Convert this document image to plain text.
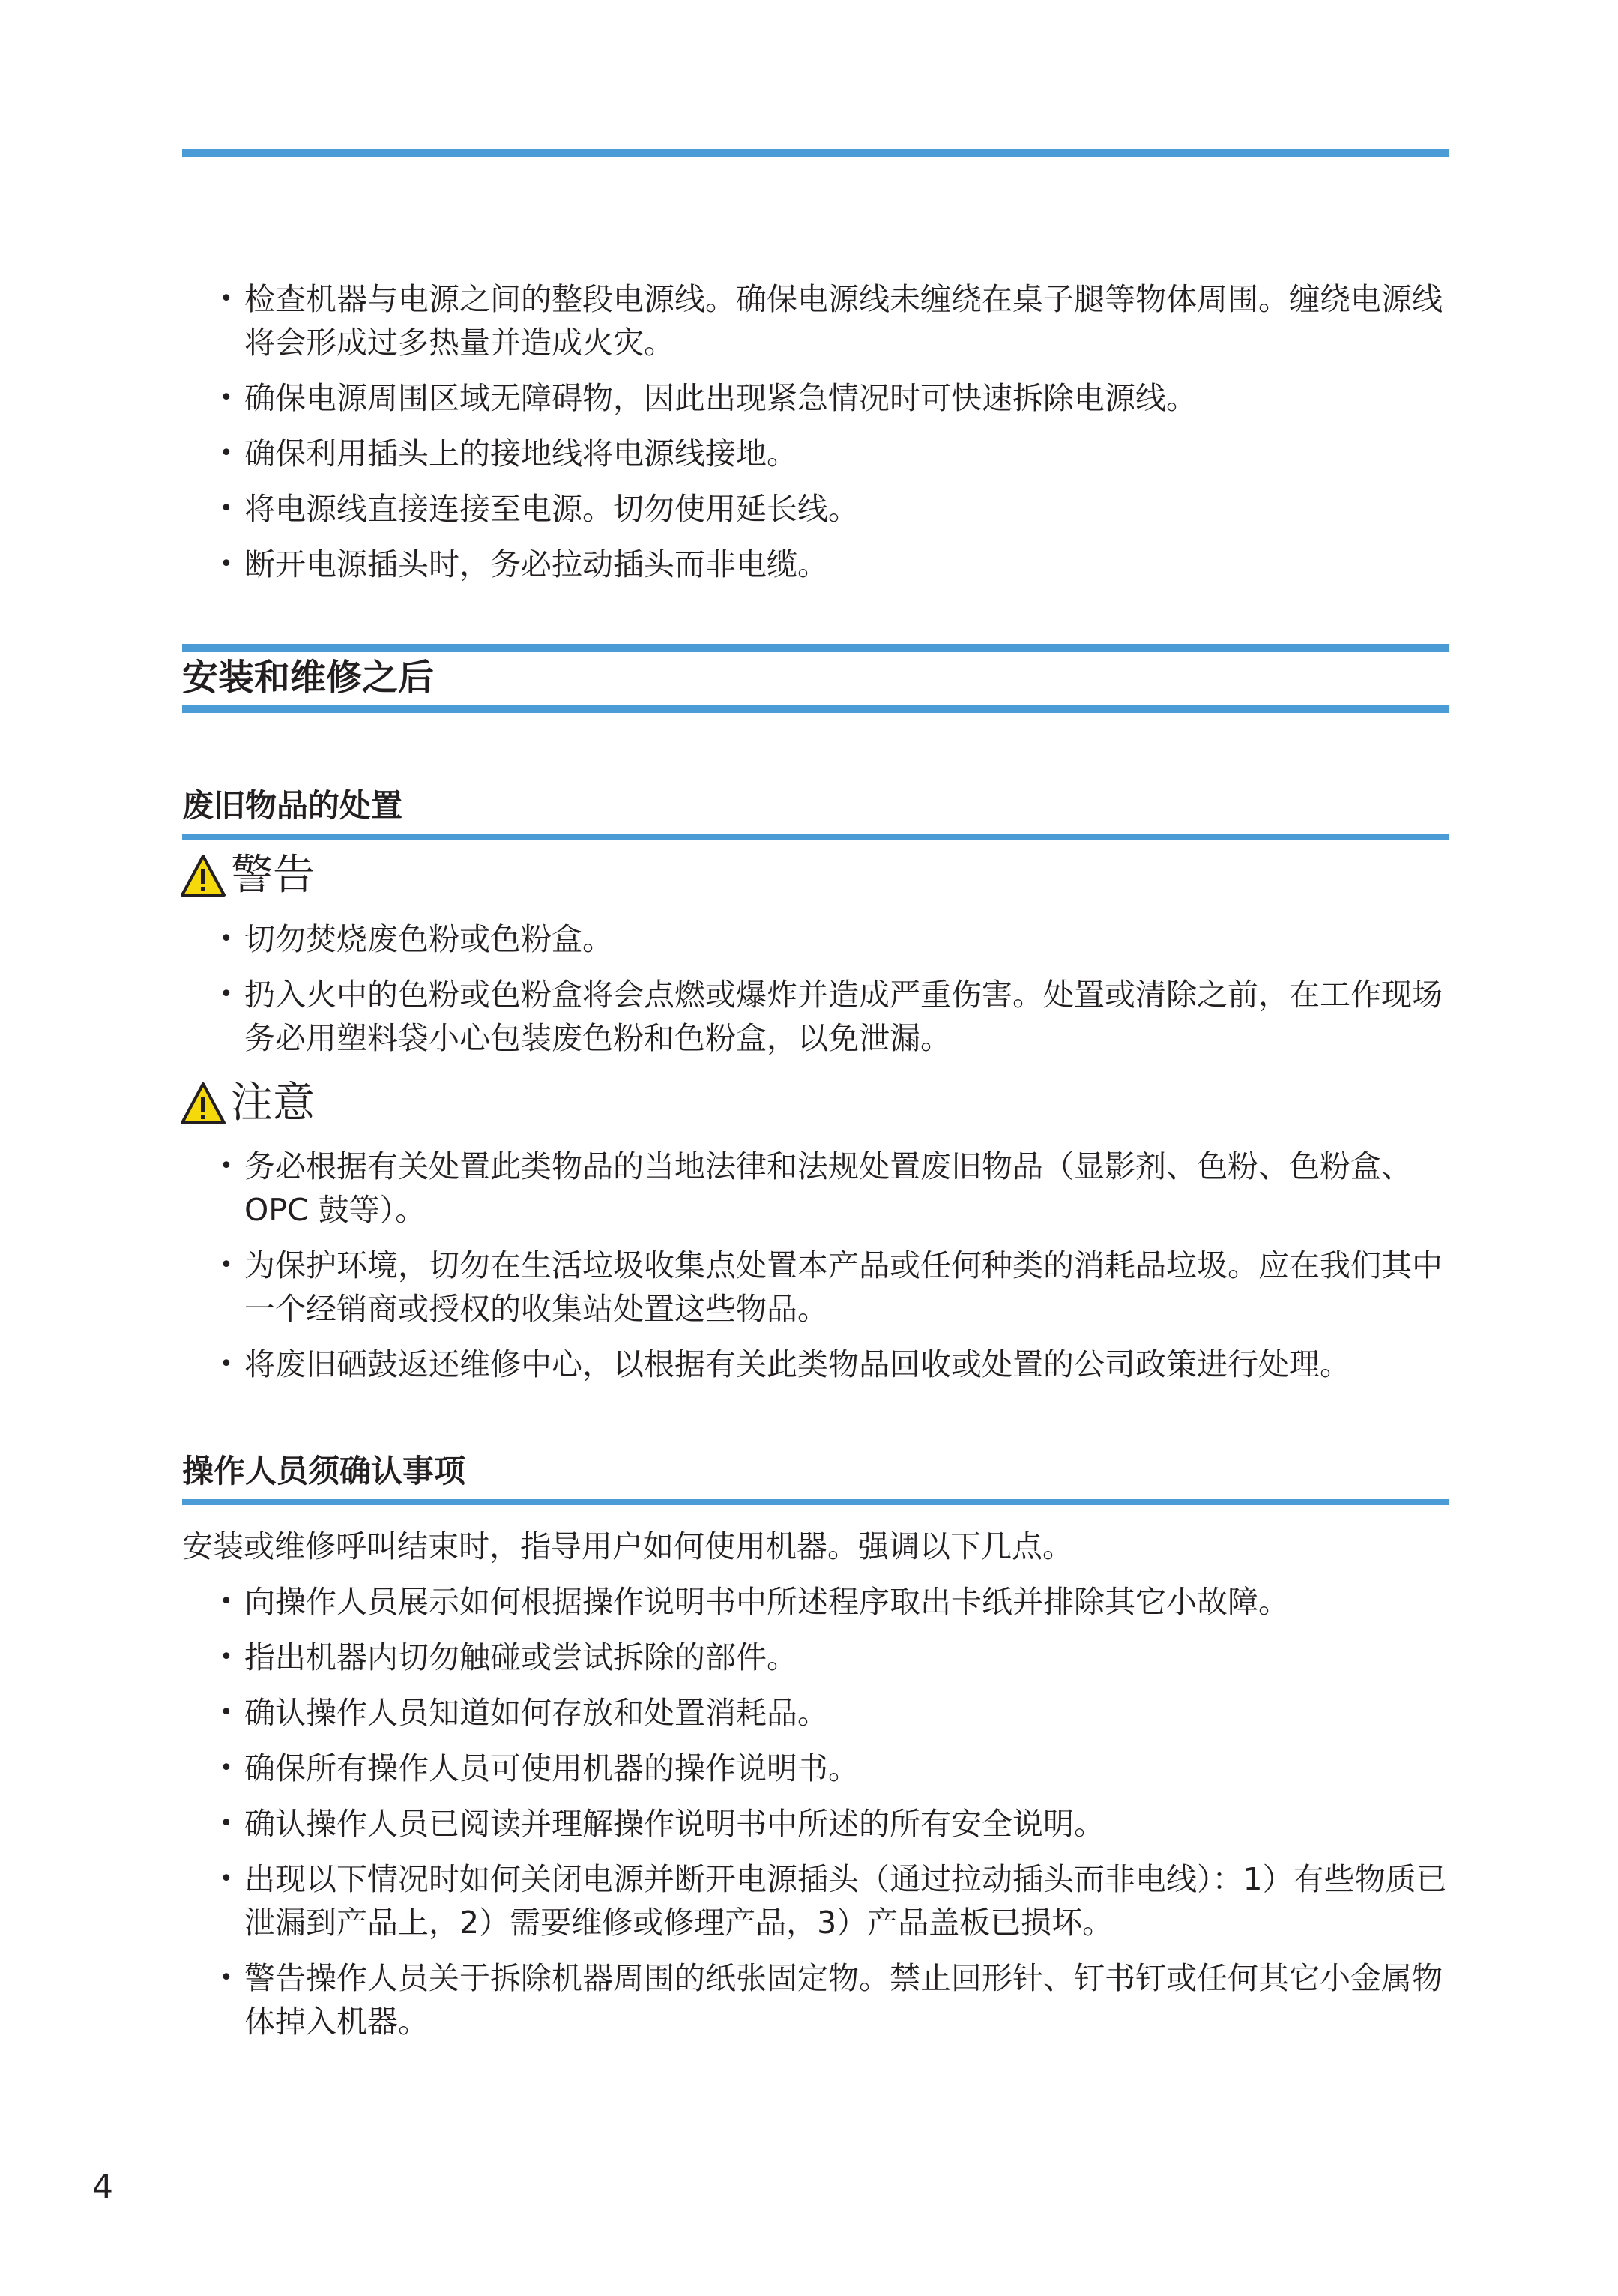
• 检查机器与电源之间的整段电源线。确保电源线未缠绕在桌子腿等物体周围。缠绕电源线将会形成过多热量并造成火灾。
• 确保电源周围区域无障碍物，因此出现紧急情况时可快速拆除电源线。
• 确保利用插头上的接地线将电源线接地。
• 将电源线直接连接至电源。切勿使用延长线。
• 断开电源插头时，务必拉动插头而非电缆。
安装和维修之后
废旧物品的处置
警告
• 切勿焚烧废色粉或色粉盒。
• 扔入火中的色粉或色粉盒将会点燃或爆炸并造成严重伤害。处置或清除之前，在工作现场务必用塑料袋小心包装废色粉和色粉盒，以免泄漏。
注意
• 务必根据有关处置此类物品的当地法律和法规处置废旧物品（显影剂、色粉、色粉盒、OPC 鼓等）。
• 为保护环境，切勿在生活垃圾收集点处置本产品或任何种类的消耗品垃圾。应在我们其中一个经销商或授权的收集站处置这些物品。
• 将废旧硒鼓返还维修中心，以根据有关此类物品回收或处置的公司政策进行处理。
操作人员须确认事项

安装或维修呼叫结束时，指导用户如何使用机器。强调以下几点。

• 向操作人员展示如何根据操作说明书中所述程序取出卡纸并排除其它小故障。
• 指出机器内切勿触碰或尝试拆除的部件。
• 确认操作人员知道如何存放和处置消耗品。
• 确保所有操作人员可使用机器的操作说明书。
• 确认操作人员已阅读并理解操作说明书中所述的所有安全说明。
• 出现以下情况时如何关闭电源并断开电源插头（通过拉动插头而非电线）：1）有些物质已泄漏到产品上，2）需要维修或修理产品，3）产品盖板已损坏。
• 警告操作人员关于拆除机器周围的纸张固定物。禁止回形针、钉书钉或任何其它小金属物体掉入机器。
4
